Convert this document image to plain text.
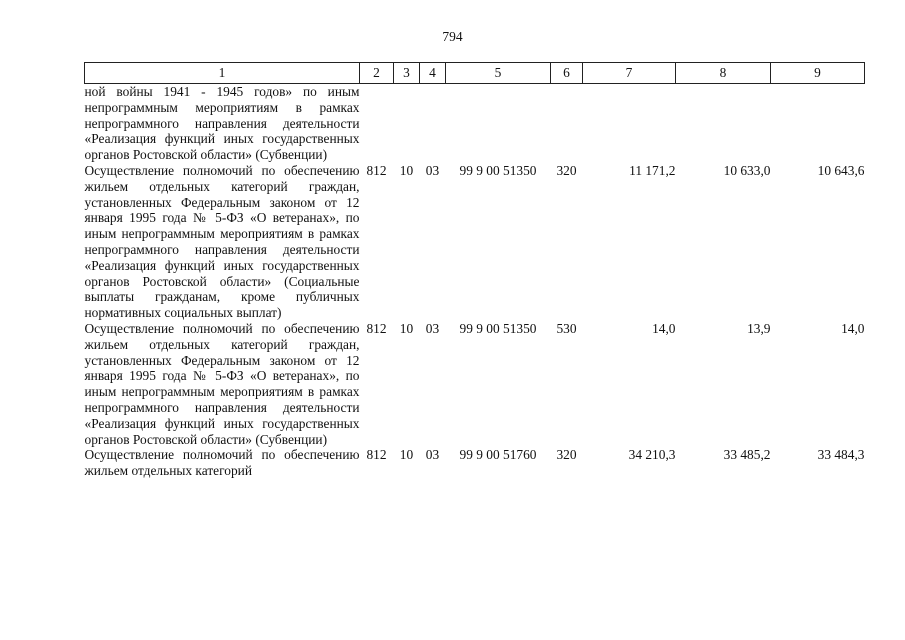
794
1	2	3	4	5	6	7	8	9
ной войны 1941 - 1945 годов» по иным непрограммным мероприятиям в рамках непрограммного направления деятельности «Реализация функций иных государственных органов Ростовской области» (Субвенции)								
Осуществление полномочий по обеспечению жильем отдельных категорий граждан, установленных Федеральным законом от 12 января 1995 года № 5-ФЗ «О ветеранах», по иным непрограммным мероприятиям в рамках непрограммного направления деятельности «Реализация функций иных государственных органов Ростовской области» (Социальные выплаты гражданам, кроме публичных нормативных социальных выплат)	812	10	03	99 9 00 51350	320	11 171,2	10 633,0	10 643,6
Осуществление полномочий по обеспечению жильем отдельных категорий граждан, установленных Федеральным законом от 12 января 1995 года № 5-ФЗ «О ветеранах», по иным непрограммным мероприятиям в рамках непрограммного направления деятельности «Реализация функций иных государственных органов Ростовской области» (Субвенции)	812	10	03	99 9 00 51350	530	14,0	13,9	14,0
Осуществление полномочий по обеспечению жильем отдельных категорий	812	10	03	99 9 00 51760	320	34 210,3	33 485,2	33 484,3
